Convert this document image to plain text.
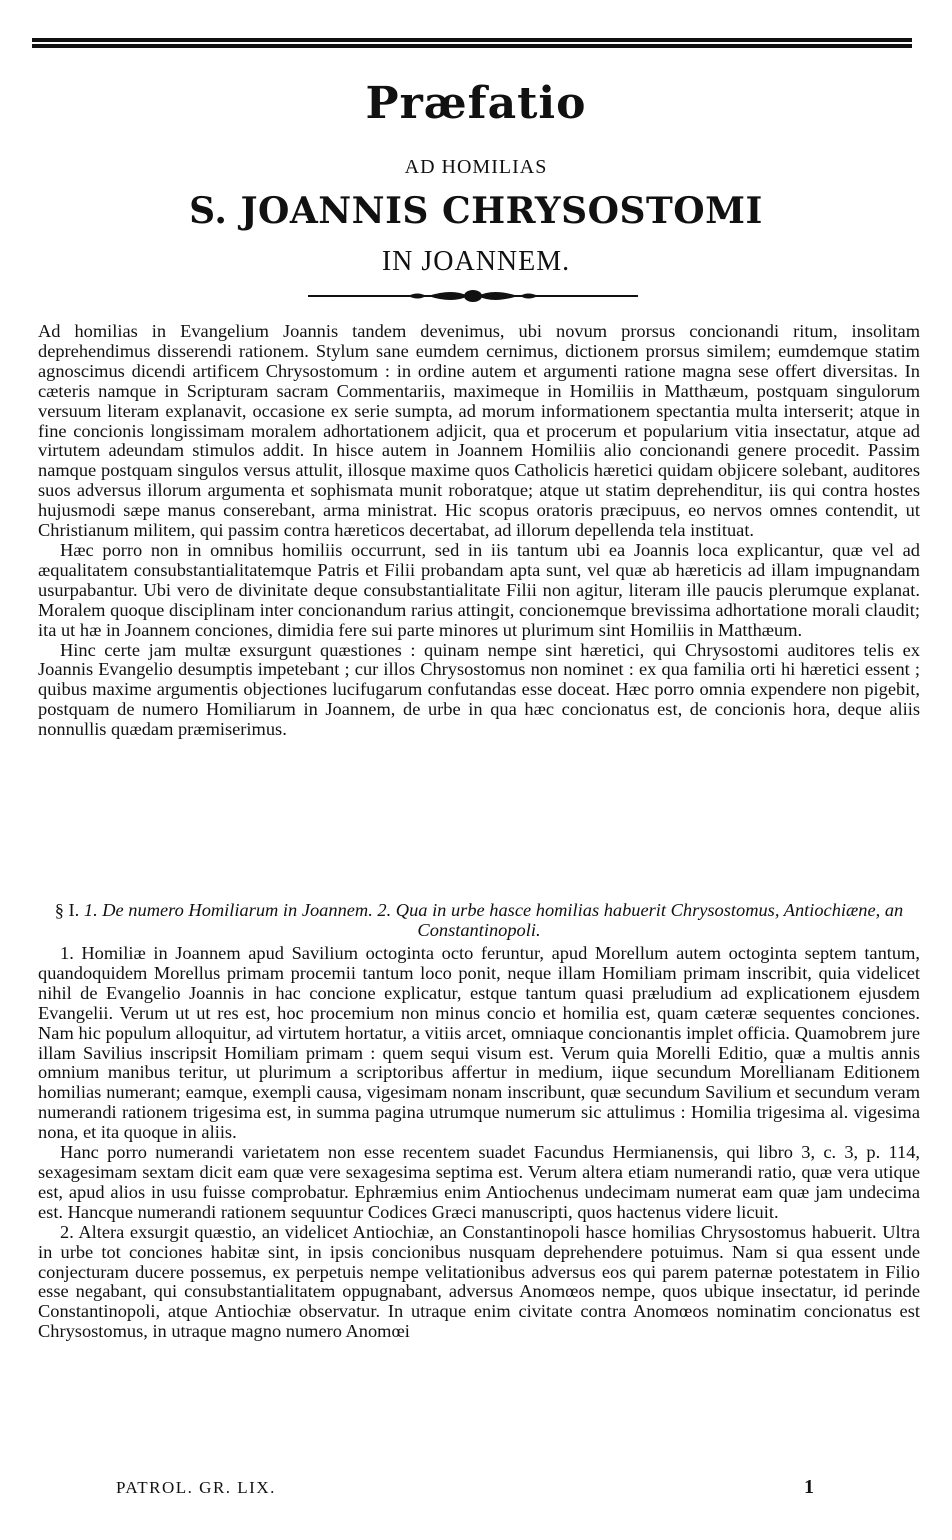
Præfatio
AD HOMILIAS
S. JOANNIS CHRYSOSTOMI
IN JOANNEM.

Ad homilias in Evangelium Joannis tandem devenimus, ubi novum prorsus concionandi ritum, insolitam deprehendimus disserendi rationem. Stylum sane eumdem cernimus, dictionem prorsus similem; eumdemque statim agnoscimus dicendi artificem Chrysostomum : in ordine autem et argumenti ratione magna sese offert diversitas. In cæteris namque in Scripturam sacram Commentariis, maximeque in Homiliis in Matthæum, postquam singulorum versuum literam explanavit, occasione ex serie sumpta, ad morum informationem spectantia multa interserit; atque in fine concionis longissimam moralem adhortationem adjicit, qua et procerum et popularium vitia insectatur, atque ad virtutem adeundam stimulos addit. In hisce autem in Joannem Homiliis alio concionandi genere procedit. Passim namque postquam singulos versus attulit, illosque maxime quos Catholicis hæretici quidam objicere solebant, auditores suos adversus illorum argumenta et sophismata munit roboratque; atque ut statim deprehenditur, iis qui contra hostes hujusmodi sæpe manus conserebant, arma ministrat. Hic scopus oratoris præcipuus, eo nervos omnes contendit, ut Christianum militem, qui passim contra hæreticos decertabat, ad illorum depellenda tela instituat.

Hæc porro non in omnibus homiliis occurrunt, sed in iis tantum ubi ea Joannis loca explicantur, quæ vel ad æqualitatem consubstantialitatemque Patris et Filii probandam apta sunt, vel quæ ab hæreticis ad illam impugnandam usurpabantur. Ubi vero de divinitate deque consubstantialitate Filii non agitur, literam ille paucis plerumque explanat. Moralem quoque disciplinam inter concionandum rarius attingit, concionemque brevissima adhortatione morali claudit; ita ut hæ in Joannem conciones, dimidia fere sui parte minores ut plurimum sint Homiliis in Matthæum.

Hinc certe jam multæ exsurgunt quæstiones : quinam nempe sint hæretici, qui Chrysostomi auditores telis ex Joannis Evangelio desumptis impetebant ; cur illos Chrysostomus non nominet : ex qua familia orti hi hæretici essent ; quibus maxime argumentis objectiones lucifugarum confutandas esse doceat. Hæc porro omnia expendere non pigebit, postquam de numero Homiliarum in Joannem, de urbe in qua hæc concionatus est, de concionis hora, deque aliis nonnullis quædam præmiserimus.

§ I. 1. De numero Homiliarum in Joannem. 2. Qua in urbe hasce homilias habuerit Chrysostomus, Antiochiæne, an Constantinopoli.

1. Homiliæ in Joannem apud Savilium octoginta octo feruntur, apud Morellum autem octoginta septem tantum, quandoquidem Morellus primam procemii tantum loco ponit, neque illam Homiliam primam inscribit, quia videlicet nihil de Evangelio Joannis in hac concione explicatur, estque tantum quasi præludium ad explicationem ejusdem Evangelii. Verum ut ut res est, hoc procemium non minus concio et homilia est, quam cæteræ sequentes conciones. Nam hic populum alloquitur, ad virtutem hortatur, a vitiis arcet, omniaque concionantis implet officia. Quamobrem jure illam Savilius inscripsit Homiliam primam : quem sequi visum est. Verum quia Morelli Editio, quæ a multis annis omnium manibus teritur, ut plurimum a scriptoribus affertur in medium, iique secundum Morellianam Editionem homilias numerant; eamque, exempli causa, vigesimam nonam inscribunt, quæ secundum Savilium et secundum veram numerandi rationem trigesima est, in summa pagina utrumque numerum sic attulimus : Homilia trigesima al. vigesima nona, et ita quoque in aliis.

Hanc porro numerandi varietatem non esse recentem suadet Facundus Hermianensis, qui libro 3, c. 3, p. 114, sexagesimam sextam dicit eam quæ vere sexagesima septima est. Verum altera etiam numerandi ratio, quæ vera utique est, apud alios in usu fuisse comprobatur. Ephræmius enim Antiochenus undecimam numerat eam quæ jam undecima est. Hancque numerandi rationem sequuntur Codices Græci manuscripti, quos hactenus videre licuit.

2. Altera exsurgit quæstio, an videlicet Antiochiæ, an Constantinopoli hasce homilias Chrysostomus habuerit. Ultra in urbe tot conciones habitæ sint, in ipsis concionibus nusquam deprehendere potuimus. Nam si qua essent unde conjecturam ducere possemus, ex perpetuis nempe velitationibus adversus eos qui parem paternæ potestatem in Filio esse negabant, qui consubstantialitatem oppugnabant, adversus Anomœos nempe, quos ubique insectatur, id perinde Constantinopoli, atque Antiochiæ observatur. In utraque enim civitate contra Anomœos nominatim concionatus est Chrysostomus, in utraque magno numero Anomœi

PATROL. GR. LIX.	1
